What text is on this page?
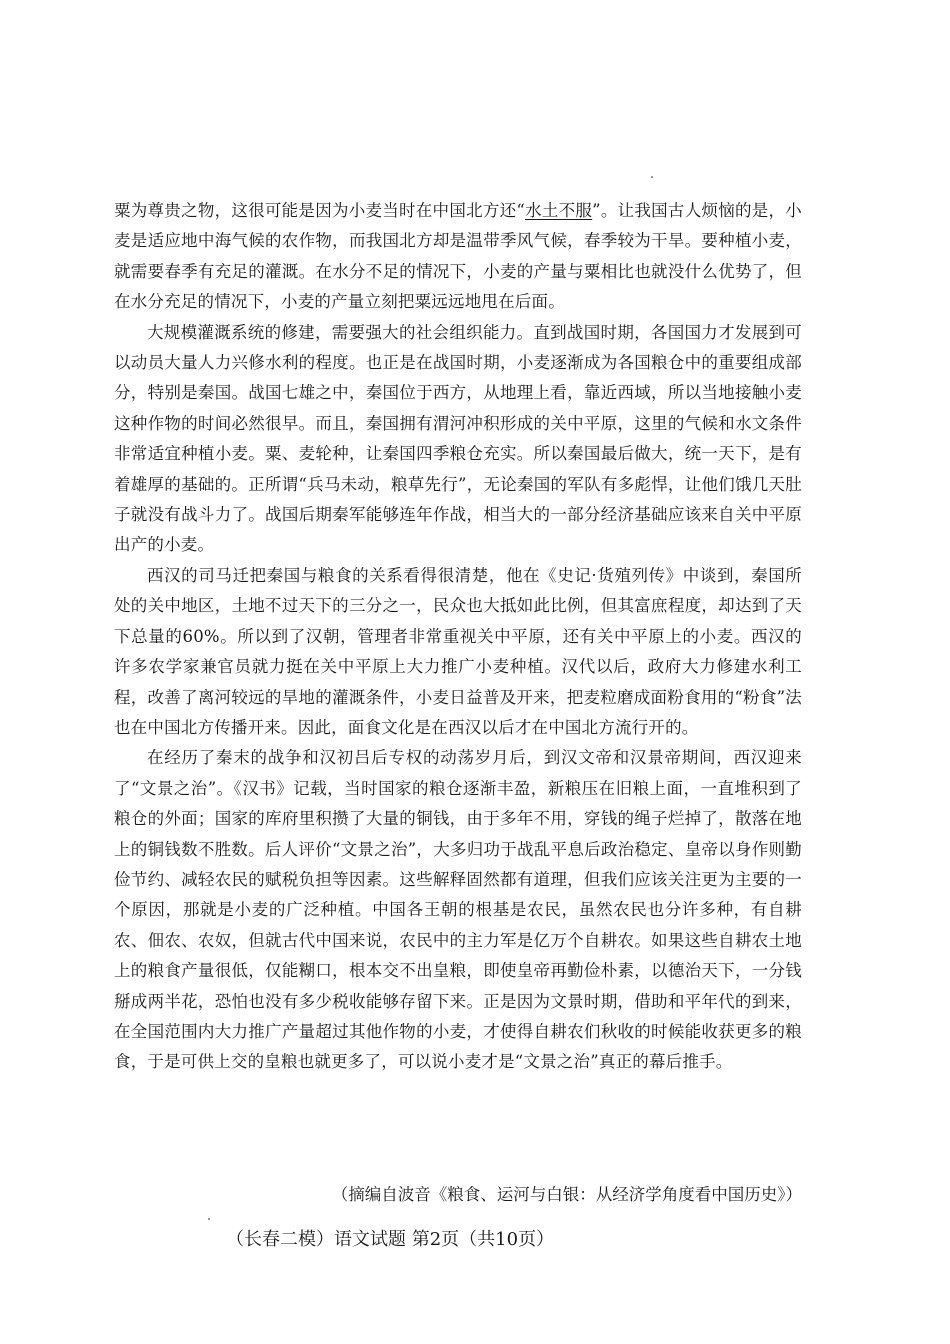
粟为尊贵之物，这很可能是因为小麦当时在中国北方还“水土不服”。让我国古人烦恼的是，小麦是适应地中海气候的农作物，而我国北方却是温带季风气候，春季较为干旱。要种植小麦，就需要春季有充足的灌溉。在水分不足的情况下，小麦的产量与粟相比也就没什么优势了，但在水分充足的情况下，小麦的产量立刻把粟远远地甩在后面。

大规模灌溉系统的修建，需要强大的社会组织能力。直到战国时期，各国国力才发展到可以动员大量人力兴修水利的程度。也正是在战国时期，小麦逐渐成为各国粮仓中的重要组成部分，特别是秦国。战国七雄之中，秦国位于西方，从地理上看，靠近西域，所以当地接触小麦这种作物的时间必然很早。而且，秦国拥有渭河冲积形成的关中平原，这里的气候和水文条件非常适宜种植小麦。粟、麦轮种，让秦国四季粮仓充实。所以秦国最后做大，统一天下，是有着雄厚的基础的。正所谓“兵马未动，粮草先行”，无论秦国的军队有多彪悍，让他们饿几天肚子就没有战斗力了。战国后期秦军能够连年作战，相当大的一部分经济基础应该来自关中平原出产的小麦。

西汉的司马迁把秦国与粮食的关系看得很清楚，他在《史记·货殖列传》中谈到，秦国所处的关中地区，土地不过天下的三分之一，民众也大抵如此比例，但其富庶程度，却达到了天下总量的60%。所以到了汉朝，管理者非常重视关中平原，还有关中平原上的小麦。西汉的许多农学家兼官员就力挺在关中平原上大力推广小麦种植。汉代以后，政府大力修建水利工程，改善了离河较远的旱地的灌溉条件，小麦日益普及开来，把麦粒磨成面粉食用的“粉食”法也在中国北方传播开来。因此，面食文化是在西汉以后才在中国北方流行开的。

在经历了秦末的战争和汉初吕后专权的动荡岁月后，到汉文帝和汉景帝期间，西汉迎来了“文景之治”。《汉书》记载，当时国家的粮仓逐渐丰盈，新粮压在旧粮上面，一直堆积到了粮仓的外面；国家的库府里积攒了大量的铜钱，由于多年不用，穿钱的绳子烂掉了，散落在地上的铜钱数不胜数。后人评价“文景之治”，大多归功于战乱平息后政治稳定、皇帝以身作则勤俭节约、减轻农民的赋税负担等因素。这些解释固然都有道理，但我们应该关注更为主要的一个原因，那就是小麦的广泛种植。中国各王朝的根基是农民，虽然农民也分许多种，有自耕农、佃农、农奴，但就古代中国来说，农民中的主力军是亿万个自耕农。如果这些自耕农土地上的粮食产量很低，仅能糊口，根本交不出皇粮，即使皇帝再勤俭朴素，以德治天下，一分钱掰成两半花，恐怕也没有多少税收能够存留下来。正是因为文景时期，借助和平年代的到来，在全国范围内大力推广产量超过其他作物的小麦，才使得自耕农们秋收的时候能收获更多的粮食，于是可供上交的皇粮也就更多了，可以说小麦才是“文景之治”真正的幕后推手。

（摘编自波音《粮食、运河与白银：从经济学角度看中国历史》）
（长春二模）语文试题 第2页（共10页）
